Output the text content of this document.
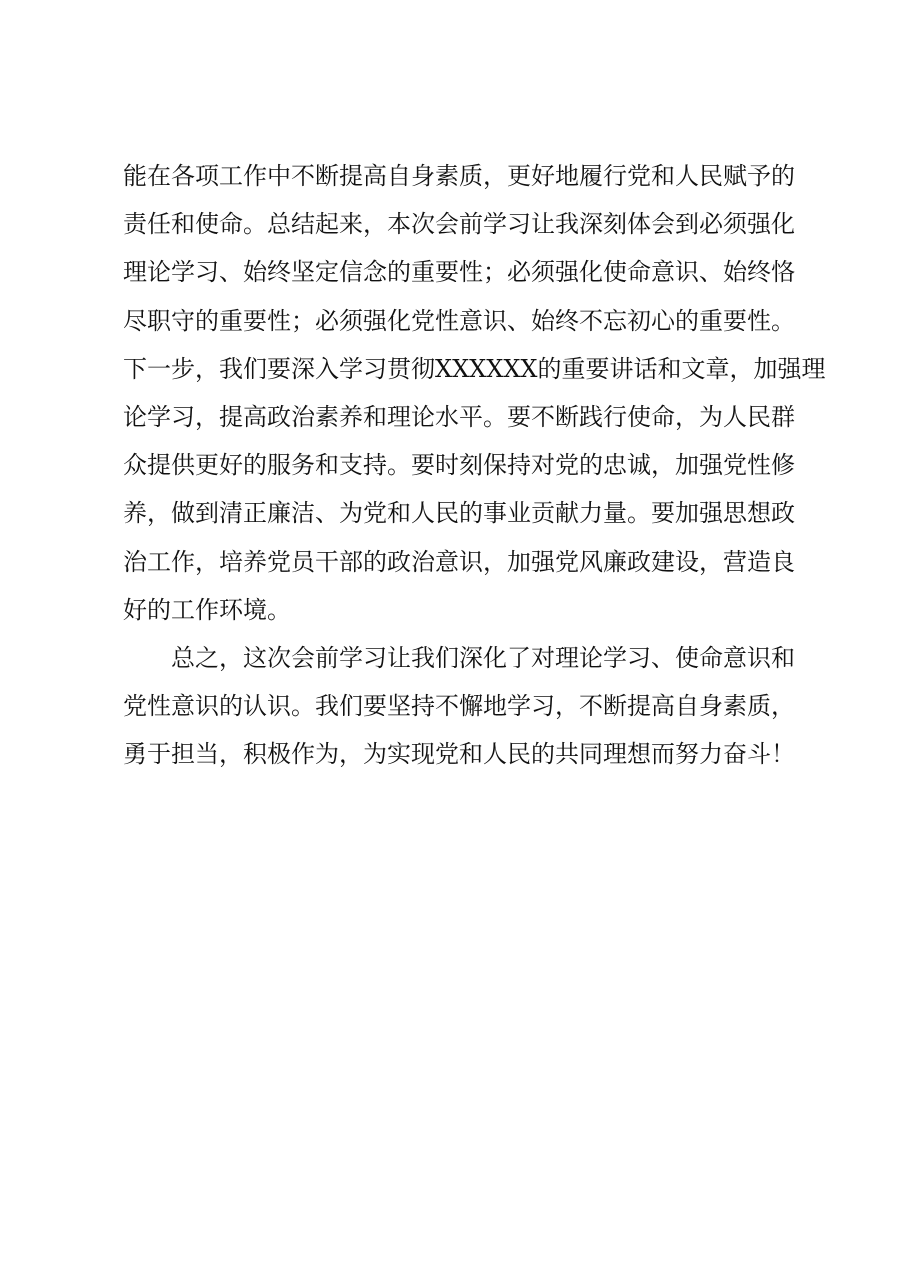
能在各项工作中不断提高自身素质，更好地履行党和人民赋予的

责任和使命。总结起来，本次会前学习让我深刻体会到必须强化

理论学习、始终坚定信念的重要性；必须强化使命意识、始终恪

尽职守的重要性；必须强化党性意识、始终不忘初心的重要性。

下一步，我们要深入学习贯彻XXXXXX的重要讲话和文章，加强理

论学习，提高政治素养和理论水平。要不断践行使命，为人民群

众提供更好的服务和支持。要时刻保持对党的忠诚，加强党性修

养，做到清正廉洁、为党和人民的事业贡献力量。要加强思想政

治工作，培养党员干部的政治意识，加强党风廉政建设，营造良

好的工作环境。

总之，这次会前学习让我们深化了对理论学习、使命意识和

党性意识的认识。我们要坚持不懈地学习，不断提高自身素质，

勇于担当，积极作为，为实现党和人民的共同理想而努力奋斗！
